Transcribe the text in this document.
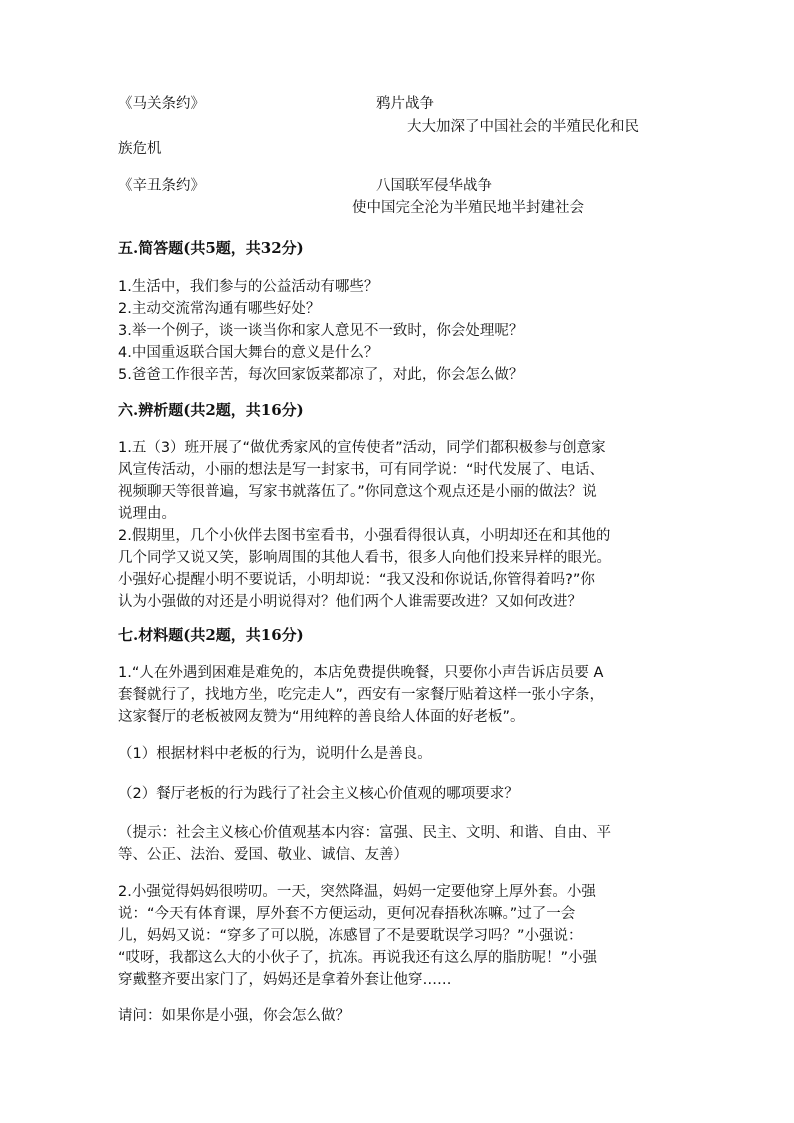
《马关条约》	鸦片战争
大大加深了中国社会的半殖民化和民
族危机
《辛丑条约》	八国联军侵华战争
使中国完全沦为半殖民地半封建社会
五.简答题(共5题，共32分)

1.生活中，我们参与的公益活动有哪些？

2.主动交流常沟通有哪些好处？

3.举一个例子，谈一谈当你和家人意见不一致时，你会处理呢？

4.中国重返联合国大舞台的意义是什么？

5.爸爸工作很辛苦，每次回家饭菜都凉了，对此，你会怎么做？

六.辨析题(共2题，共16分)

1.五（3）班开展了“做优秀家风的宣传使者”活动，同学们都积极参与创意家

风宣传活动，小丽的想法是写一封家书，可有同学说：“时代发展了、电话、

视频聊天等很普遍，写家书就落伍了。”你同意这个观点还是小丽的做法？说

说理由。

2.假期里，几个小伙伴去图书室看书，小强看得很认真，小明却还在和其他的

几个同学又说又笑，影响周围的其他人看书，很多人向他们投来异样的眼光。

小强好心提醒小明不要说话，小明却说：“我又没和你说话,你管得着吗?”你

认为小强做的对还是小明说得对？他们两个人谁需要改进？又如何改进？

七.材料题(共2题，共16分)

1.“人在外遇到困难是难免的，本店免费提供晚餐，只要你小声告诉店员要 A

套餐就行了，找地方坐，吃完走人”，西安有一家餐厅贴着这样一张小字条，

这家餐厅的老板被网友赞为“用纯粹的善良给人体面的好老板”。

（1）根据材料中老板的行为，说明什么是善良。
（2）餐厅老板的行为践行了社会主义核心价值观的哪项要求？

（提示：社会主义核心价值观基本内容：富强、民主、文明、和谐、自由、平

等、公正、法治、爱国、敬业、诚信、友善）

2.小强觉得妈妈很唠叨。一天，突然降温，妈妈一定要他穿上厚外套。小强

说：“今天有体育课，厚外套不方便运动，更何况春捂秋冻嘛。”过了一会

儿，妈妈又说：“穿多了可以脱，冻感冒了不是要耽误学习吗？”小强说：

“哎呀，我都这么大的小伙子了，抗冻。再说我还有这么厚的脂肪呢！”小强

穿戴整齐要出家门了，妈妈还是拿着外套让他穿……

请问：如果你是小强，你会怎么做？
